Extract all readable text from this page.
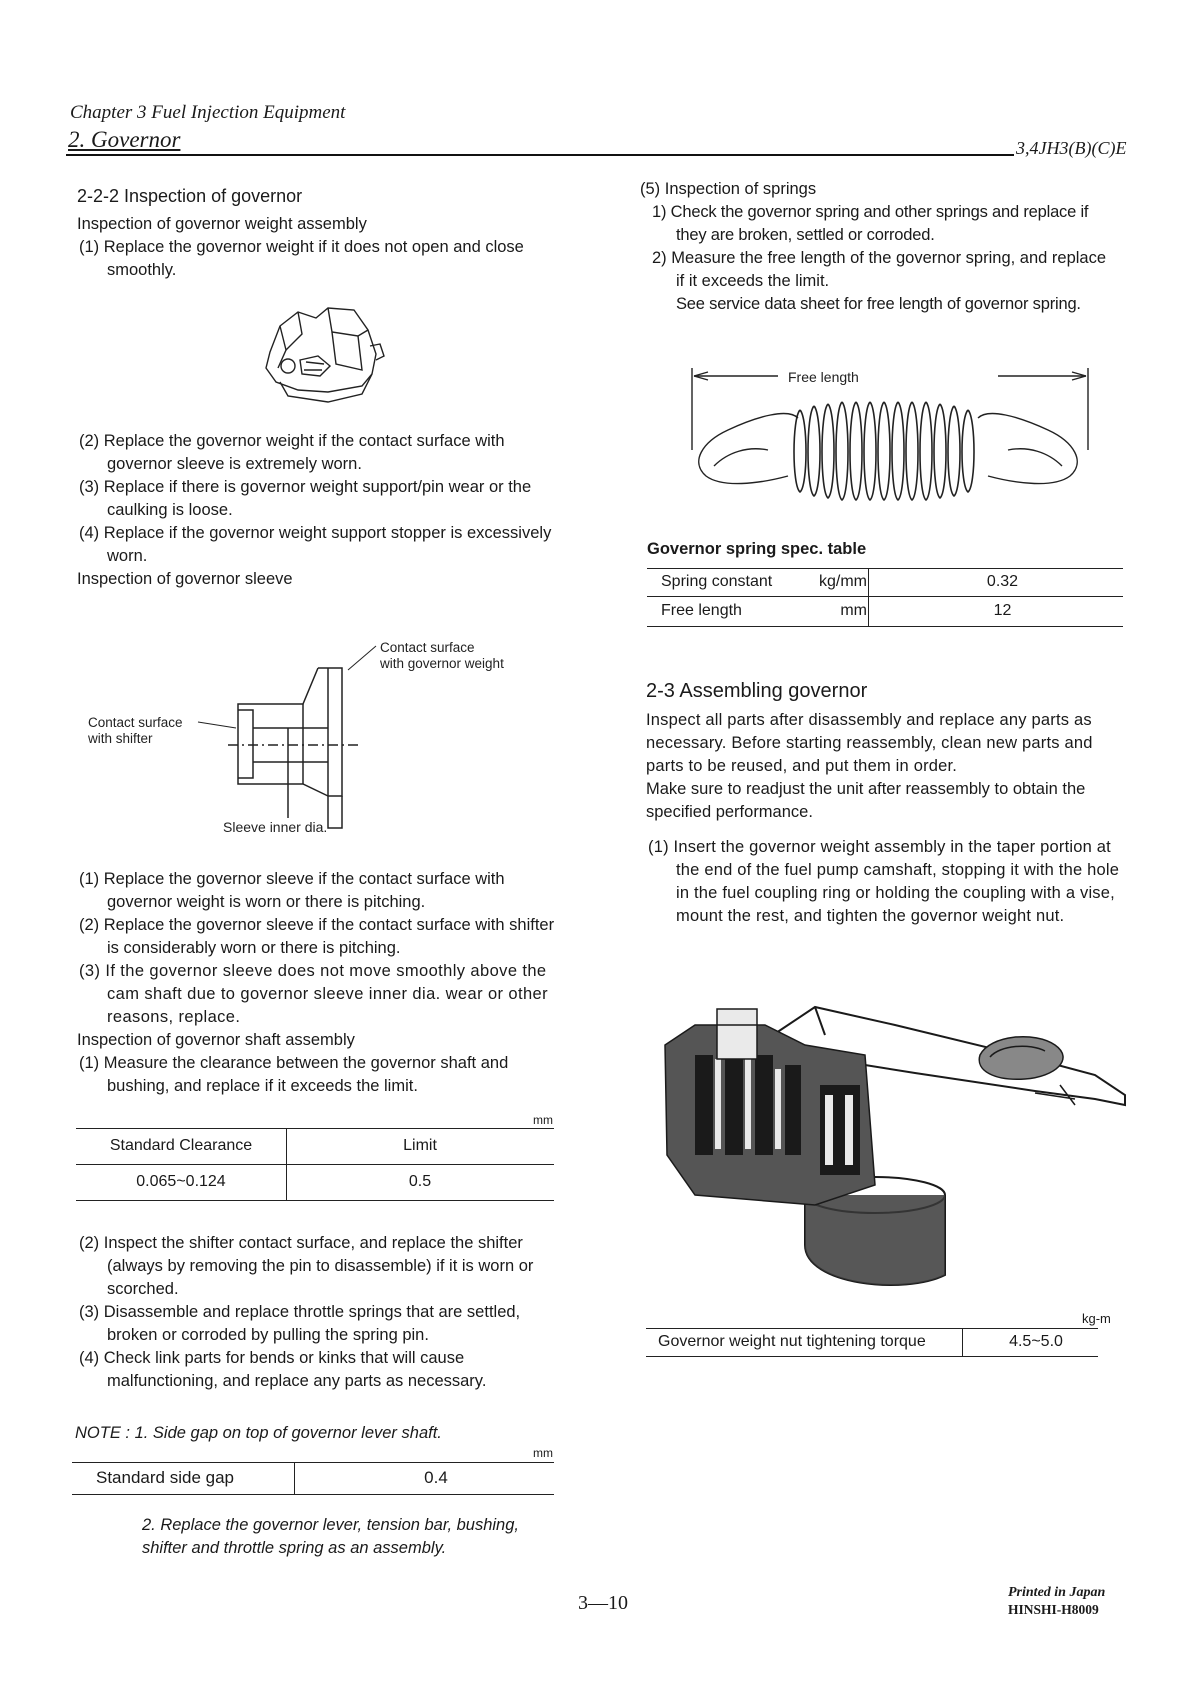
Chapter 3 Fuel Injection Equipment
2. Governor	3,4JH3(B)(C)E

2-2-2 Inspection of governor

Inspection of governor weight assembly

(1) Replace the governor weight if it does not open and close smoothly.

(2) Replace the governor weight if the contact surface with governor sleeve is extremely worn.

(3) Replace if there is governor weight support/pin wear or the caulking is loose.

(4) Replace if the governor weight support stopper is excessively worn.

Inspection of governor sleeve

Contact surface
with governor weight
Contact surface
with shifter
Sleeve inner dia.

(1) Replace the governor sleeve if the contact surface with governor weight is worn or there is pitching.

(2) Replace the governor sleeve if the contact surface with shifter is considerably worn or there is pitching.

(3) If the governor sleeve does not move smoothly above the cam shaft due to governor sleeve inner dia. wear or other reasons, replace.

Inspection of governor shaft assembly

(1) Measure the clearance between the governor shaft and bushing, and replace if it exceeds the limit.

mm
Standard Clearance	Limit
0.065~0.124	0.5

(2) Inspect the shifter contact surface, and replace the shifter (always by removing the pin to disassemble) if it is worn or scorched.

(3) Disassemble and replace throttle springs that are settled, broken or corroded by pulling the spring pin.

(4) Check link parts for bends or kinks that will cause malfunctioning, and replace any parts as necessary.

NOTE : 1. Side gap on top of governor lever shaft.
mm
Standard side gap	0.4

2. Replace the governor lever, tension bar, bushing, shifter and throttle spring as an assembly.

(5) Inspection of springs

1) Check the governor spring and other springs and replace if they are broken, settled or corroded.

2) Measure the free length of the governor spring, and replace if it exceeds the limit.

See service data sheet for free length of governor spring.

Free length
Governor spring spec. table
Spring constant	kg/mm	0.32
Free length	mm	12

2-3 Assembling governor

Inspect all parts after disassembly and replace any parts as necessary. Before starting reassembly, clean new parts and parts to be reused, and put them in order.

Make sure to readjust the unit after reassembly to obtain the specified performance.

(1) Insert the governor weight assembly in the taper portion at the end of the fuel pump camshaft, stopping it with the hole in the fuel coupling ring or holding the coupling with a vise, mount the rest, and tighten the governor weight nut.

kg-m
Governor weight nut tightening torque	4.5~5.0
3—10	Printed in Japan
HINSHI-H8009
